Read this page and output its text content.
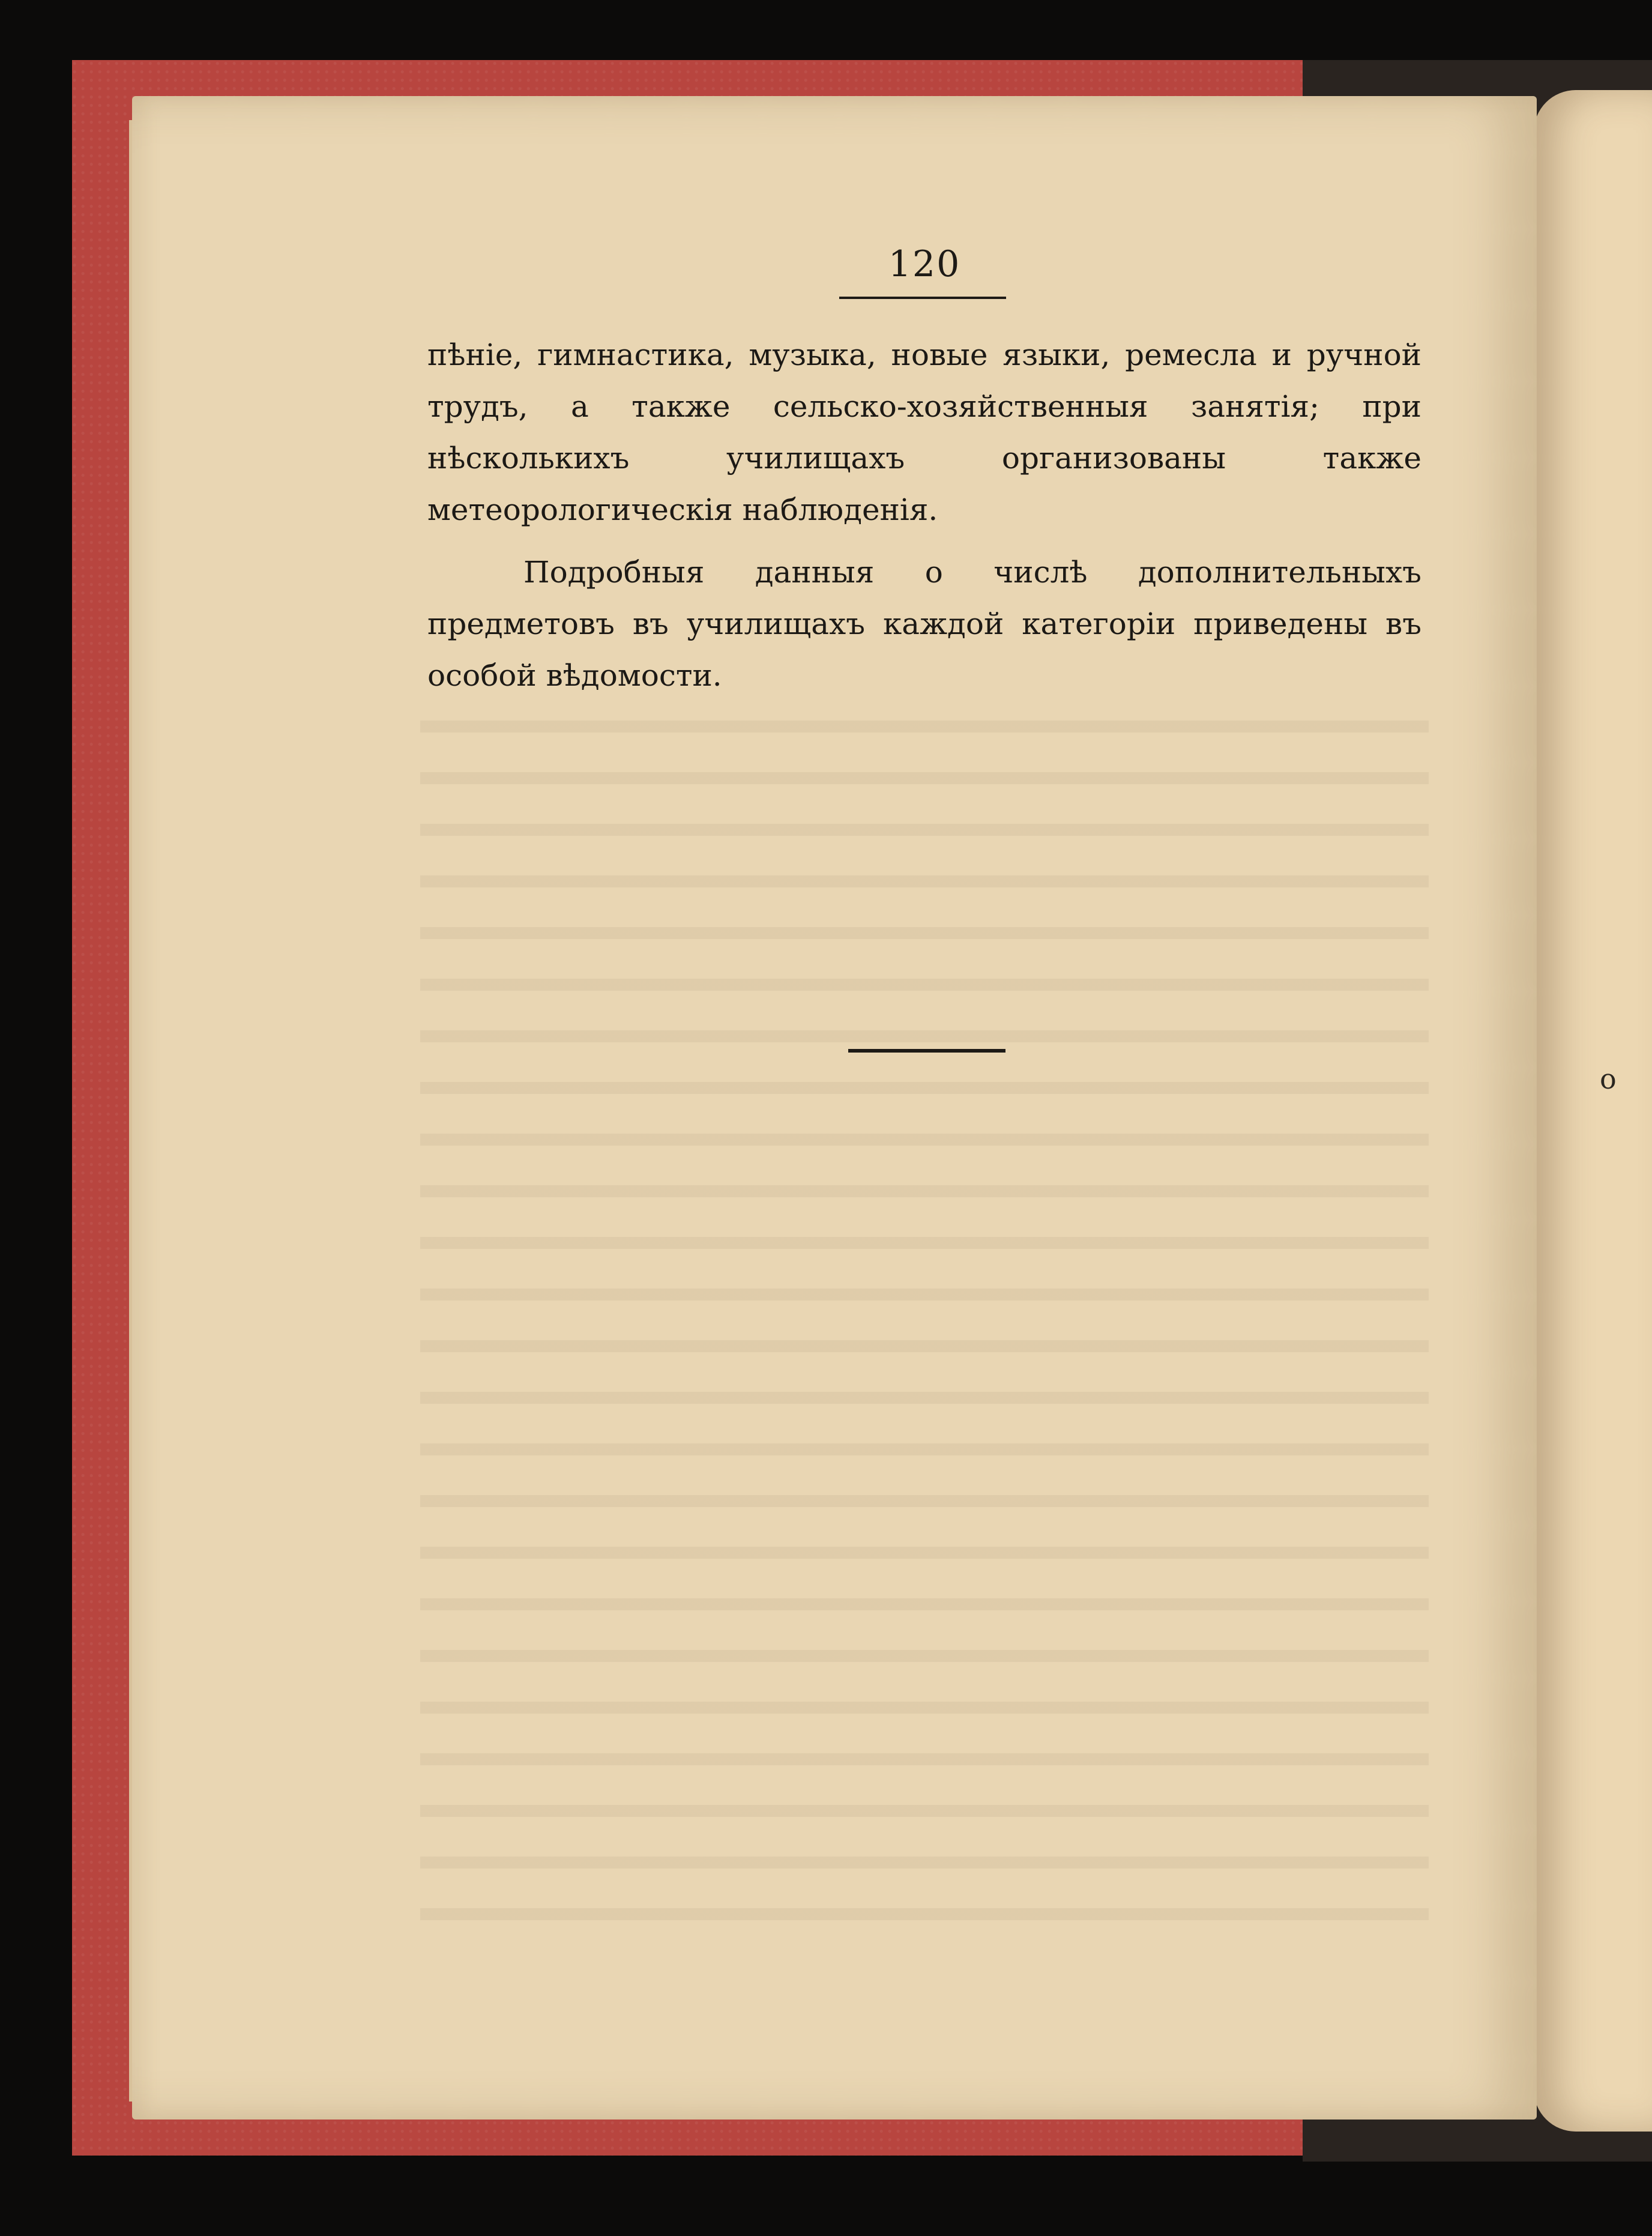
о
120

пѣніе, гимнастика, музыка, новые языки, ремесла и ручной трудъ, а также сельско-хозяйственныя занятія; при нѣсколькихъ училищахъ организованы также метеорологическія наблюденія.

Подробныя данныя о числѣ дополнительныхъ предметовъ въ училищахъ каждой категоріи приведены въ особой вѣдомости.
